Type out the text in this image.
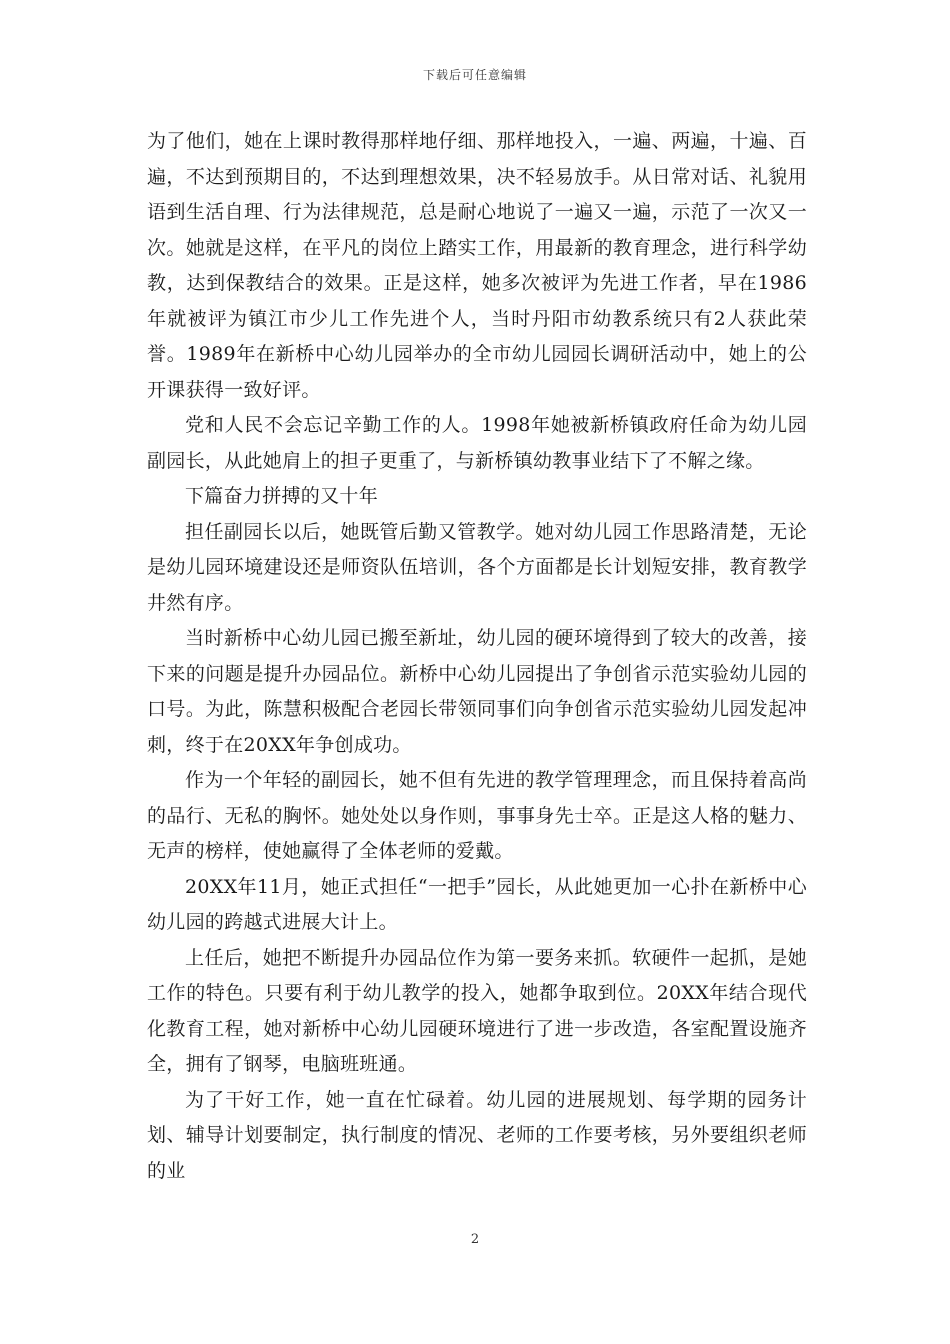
下载后可任意编辑

为了他们，她在上课时教得那样地仔细、那样地投入，一遍、两遍，十遍、百遍，不达到预期目的，不达到理想效果，决不轻易放手。从日常对话、礼貌用语到生活自理、行为法律规范，总是耐心地说了一遍又一遍，示范了一次又一次。她就是这样，在平凡的岗位上踏实工作，用最新的教育理念，进行科学幼教，达到保教结合的效果。正是这样，她多次被评为先进工作者，早在1986年就被评为镇江市少儿工作先进个人，当时丹阳市幼教系统只有2人获此荣誉。1989年在新桥中心幼儿园举办的全市幼儿园园长调研活动中，她上的公开课获得一致好评。

党和人民不会忘记辛勤工作的人。1998年她被新桥镇政府任命为幼儿园副园长，从此她肩上的担子更重了，与新桥镇幼教事业结下了不解之缘。

下篇奋力拼搏的又十年

担任副园长以后，她既管后勤又管教学。她对幼儿园工作思路清楚，无论是幼儿园环境建设还是师资队伍培训，各个方面都是长计划短安排，教育教学井然有序。

当时新桥中心幼儿园已搬至新址，幼儿园的硬环境得到了较大的改善，接下来的问题是提升办园品位。新桥中心幼儿园提出了争创省示范实验幼儿园的口号。为此，陈慧积极配合老园长带领同事们向争创省示范实验幼儿园发起冲刺，终于在20XX年争创成功。

作为一个年轻的副园长，她不但有先进的教学管理理念，而且保持着高尚的品行、无私的胸怀。她处处以身作则，事事身先士卒。正是这人格的魅力、无声的榜样，使她赢得了全体老师的爱戴。

20XX年11月，她正式担任“一把手”园长，从此她更加一心扑在新桥中心幼儿园的跨越式进展大计上。

上任后，她把不断提升办园品位作为第一要务来抓。软硬件一起抓，是她工作的特色。只要有利于幼儿教学的投入，她都争取到位。20XX年结合现代化教育工程，她对新桥中心幼儿园硬环境进行了进一步改造，各室配置设施齐全，拥有了钢琴，电脑班班通。

为了干好工作，她一直在忙碌着。幼儿园的进展规划、每学期的园务计划、辅导计划要制定，执行制度的情况、老师的工作要考核，另外要组织老师的业

2
